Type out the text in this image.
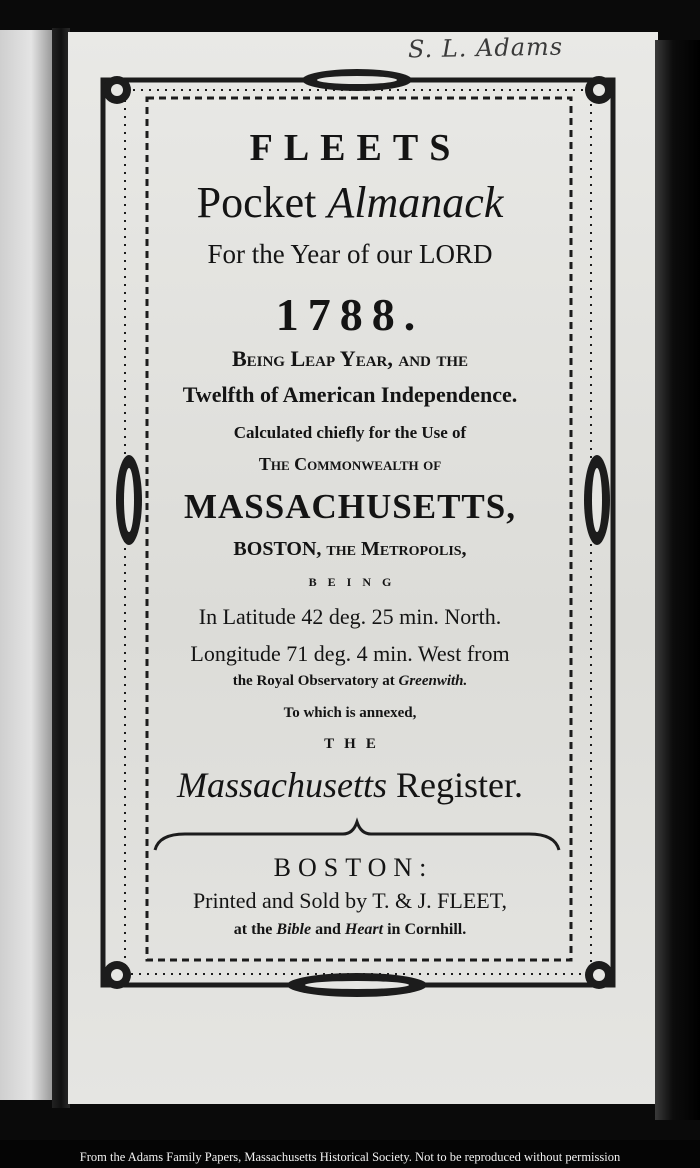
S. L. Adams

FLEETS

Pocket Almanack

For the Year of our LORD

1788.

Being Leap Year, and the

Twelfth of American Independence.

Calculated chiefly for the Use of

The Commonwealth of

MASSACHUSETTS,

BOSTON, the Metropolis,

BEING

In Latitude 42 deg. 25 min. North.

Longitude 71 deg. 4 min. West from

the Royal Observatory at Greenwith.

To which is annexed,

THE

Massachusetts Register.

BOSTON:

Printed and Sold by T. & J. FLEET,

at the Bible and Heart in Cornhill.

From the Adams Family Papers, Massachusetts Historical Society. Not to be reproduced without permission
